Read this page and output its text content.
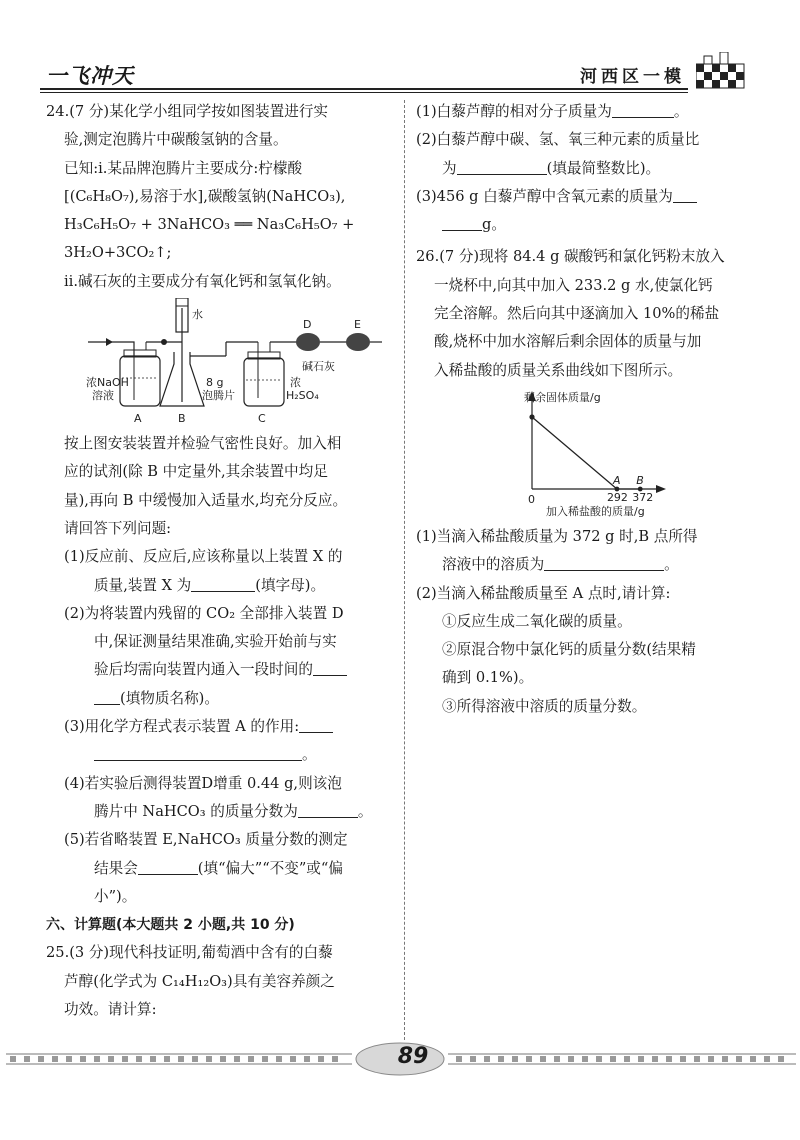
一飞冲天	河西区一模

24.(7 分)某化学小组同学按如图装置进行实

验,测定泡腾片中碳酸氢钠的含量。

已知:ⅰ.某品牌泡腾片主要成分:柠檬酸

[(C₆H₈O₇),易溶于水],碳酸氢钠(NaHCO₃),

H₃C₆H₅O₇ + 3NaHCO₃ ══ Na₃C₆H₅O₇ +

3H₂O+3CO₂↑;

ⅱ.碱石灰的主要成分有氧化钙和氢氧化钠。

水
D	E
碱石灰
浓NaOH
溶液
8 g
泡腾片
浓
H₂SO₄
A	B	C

按上图安装装置并检验气密性良好。加入相

应的试剂(除 B 中定量外,其余装置中均足

量),再向 B 中缓慢加入适量水,均充分反应。

请回答下列问题:

(1)反应前、反应后,应该称量以上装置 X 的

质量,装置 X 为	(填字母)。

(2)为将装置内残留的 CO₂ 全部排入装置 D

中,保证测量结果准确,实验开始前与实

验后均需向装置内通入一段时间的

(填物质名称)。

(3)用化学方程式表示装置 A 的作用:

。

(4)若实验后测得装置D增重 0.44 g,则该泡

腾片中 NaHCO₃ 的质量分数为	。

(5)若省略装置 E,NaHCO₃ 质量分数的测定

结果会	(填“偏大”“不变”或“偏

小”)。

六、计算题(本大题共 2 小题,共 10 分)

25.(3 分)现代科技证明,葡萄酒中含有的白藜

芦醇(化学式为 C₁₄H₁₂O₃)具有美容养颜之

功效。请计算:

(1)白藜芦醇的相对分子质量为	。

(2)白藜芦醇中碳、氢、氧三种元素的质量比

为	(填最简整数比)。

(3)456 g 白藜芦醇中含氧元素的质量为

g。

26.(7 分)现将 84.4 g 碳酸钙和氯化钙粉末放入

一烧杯中,向其中加入 233.2 g 水,使氯化钙

完全溶解。然后向其中逐滴加入 10%的稀盐

酸,烧杯中加水溶解后剩余固体的质量与加

入稀盐酸的质量关系曲线如下图所示。

剩余固体质量/g
0
加入稀盐酸的质量/g
A B
292 372

(1)当滴入稀盐酸质量为 372 g 时,B 点所得

溶液中的溶质为	。

(2)当滴入稀盐酸质量至 A 点时,请计算:

①反应生成二氧化碳的质量。

②原混合物中氯化钙的质量分数(结果精

确到 0.1%)。

③所得溶液中溶质的质量分数。

89
